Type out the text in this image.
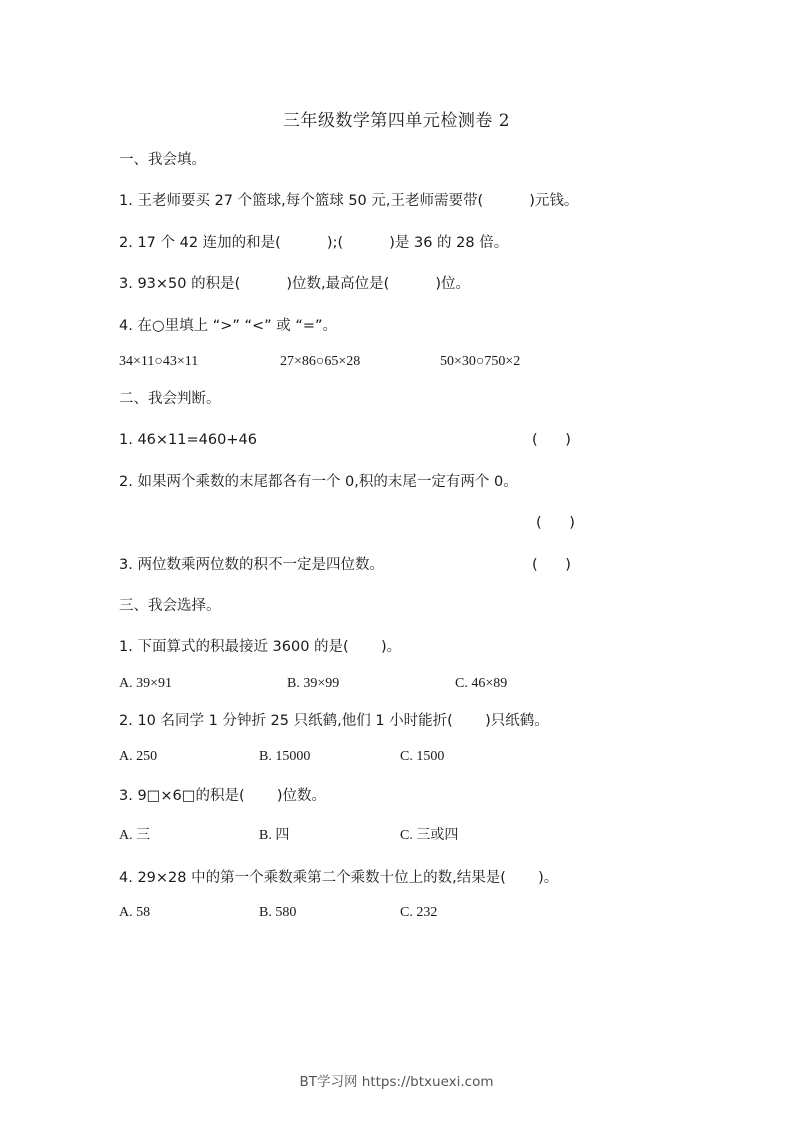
三年级数学第四单元检测卷 2
一、我会填。
1. 王老师要买 27 个篮球,每个篮球 50 元,王老师需要带(          )元钱。
2. 17 个 42 连加的和是(          );(          )是 36 的 28 倍。
3. 93×50 的积是(          )位数,最高位是(          )位。
4. 在○里填上 “>” “<” 或 “=”。
34×11○43×11	27×86○65×28	50×30○750×2
二、我会判断。
1. 46×11=460+46	(      )
2. 如果两个乘数的末尾都各有一个 0,积的末尾一定有两个 0。
(      )
3. 两位数乘两位数的积不一定是四位数。	(      )
三、我会选择。
1. 下面算式的积最接近 3600 的是(       )。
A. 39×91	B. 39×99	C. 46×89
2. 10 名同学 1 分钟折 25 只纸鹤,他们 1 小时能折(       )只纸鹤。
A. 250	B. 15000	C. 1500
3. 9□×6□的积是(       )位数。
A. 三	B. 四	C. 三或四
4. 29×28 中的第一个乘数乘第二个乘数十位上的数,结果是(       )。
A. 58	B. 580	C. 232
BT学习网 https://btxuexi.com
